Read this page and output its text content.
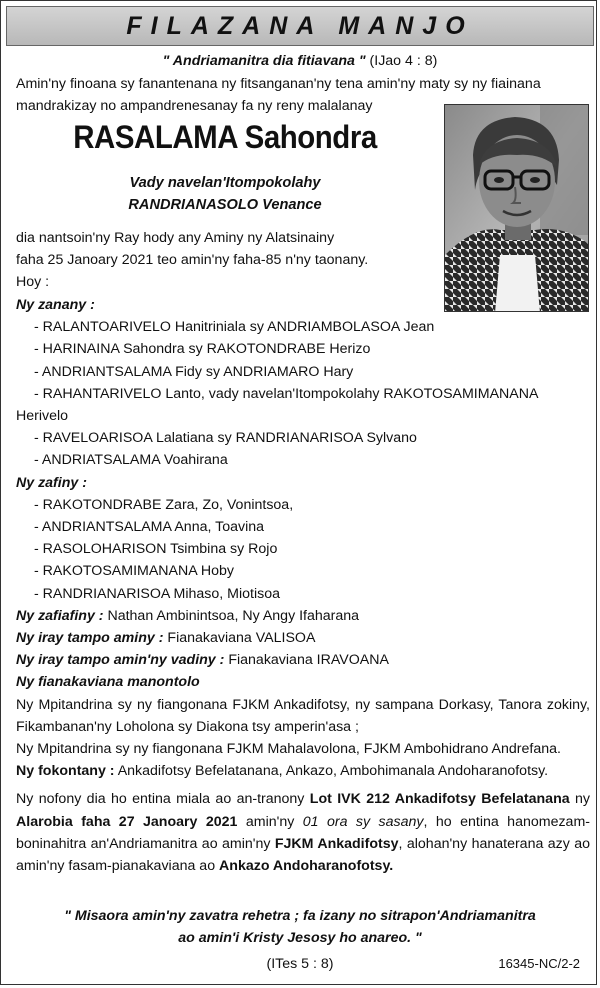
FILAZANA MANJO
" Andriamanitra dia fitiavana " (IJao 4 : 8)
Amin'ny finoana sy fanantenana ny fitsanganan'ny tena amin'ny maty sy ny fiainana mandrakizay no ampandrenesanay fa ny reny malalanay
RASALAMA Sahondra
Vady navelan'Itompokolahy
RANDRIANASOLO Venance
dia nantsoin'ny Ray hody any Aminy ny Alatsinainy
faha 25 Janoary 2021 teo amin'ny faha-85 n'ny taonany.
Hoy :
Ny zanany :
- RALANTOARIVELO Hanitriniala sy ANDRIAMBOLASOA Jean
- HARINAINA Sahondra sy RAKOTONDRABE Herizo
- ANDRIANTSALAMA Fidy sy ANDRIAMARO Hary
- RAHANTARIVELO Lanto, vady navelan'Itompokolahy RAKOTOSAMIMANANA
Herivelo
- RAVELOARISOA Lalatiana sy RANDRIANARISOA Sylvano
- ANDRIATSALAMA Voahirana
Ny zafiny :
- RAKOTONDRABE Zara, Zo, Vonintsoa,
- ANDRIANTSALAMA Anna, Toavina
- RASOLOHARISON Tsimbina sy Rojo
- RAKOTOSAMIMANANA Hoby
- RANDRIANARISOA Mihaso, Miotisoa
Ny zafiafiny : Nathan Ambinintsoa, Ny Angy Ifaharana
Ny iray tampo aminy : Fianakaviana VALISOA
Ny iray tampo amin'ny vadiny : Fianakaviana IRAVOANA
Ny fianakaviana manontolo
Ny Mpitandrina sy ny fiangonana FJKM Ankadifotsy, ny sampana Dorkasy, Tanora zokiny, Fikambanan'ny Loholona sy Diakona tsy amperin'asa ;
Ny Mpitandrina sy ny fiangonana FJKM Mahalavolona, FJKM Ambohidrano Andrefana.
Ny fokontany : Ankadifotsy Befelatanana, Ankazo, Ambohimanala Andoharanofotsy.
Ny nofony dia ho entina miala ao an-tranony Lot IVK 212 Ankadifotsy Befelatanana ny Alarobia faha 27 Janoary 2021 amin'ny 01 ora sy sasany, ho entina hanomezam-boninahitra an'Andriamanitra ao amin'ny FJKM Ankadifotsy, alohan'ny hanaterana azy ao amin'ny fasam-pianakaviana ao Ankazo Andoharanofotsy.
" Misaora amin'ny zavatra rehetra ; fa izany no sitrapon'Andriamanitra
ao amin'i Kristy Jesosy ho anareo. "
(ITes 5 : 8)	16345-NC/2-2
